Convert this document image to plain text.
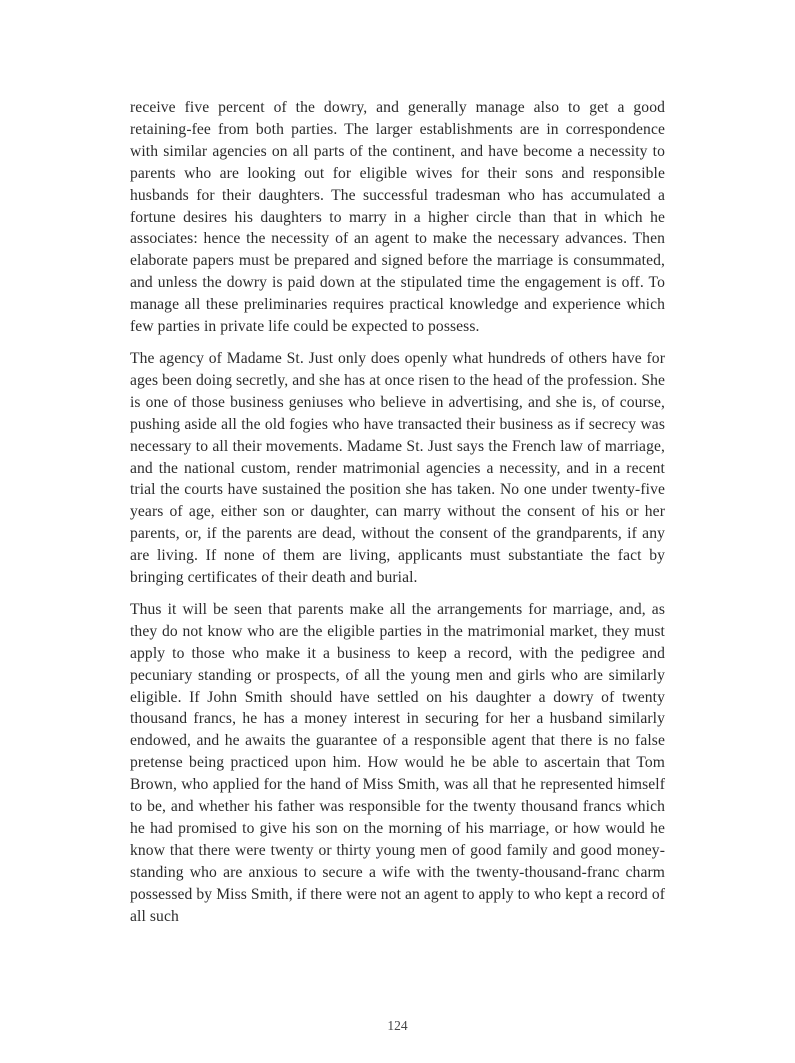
receive five percent of the dowry, and generally manage also to get a good retaining-fee from both parties. The larger establishments are in correspondence with similar agencies on all parts of the continent, and have become a necessity to parents who are looking out for eligible wives for their sons and responsible husbands for their daughters. The successful tradesman who has accumulated a fortune desires his daughters to marry in a higher circle than that in which he associates: hence the necessity of an agent to make the necessary advances. Then elaborate papers must be prepared and signed before the marriage is consummated, and unless the dowry is paid down at the stipulated time the engagement is off. To manage all these preliminaries requires practical knowledge and experience which few parties in private life could be expected to possess.

The agency of Madame St. Just only does openly what hundreds of others have for ages been doing secretly, and she has at once risen to the head of the profession. She is one of those business geniuses who believe in advertising, and she is, of course, pushing aside all the old fogies who have transacted their business as if secrecy was necessary to all their movements. Madame St. Just says the French law of marriage, and the national custom, render matrimonial agencies a necessity, and in a recent trial the courts have sustained the position she has taken. No one under twenty-five years of age, either son or daughter, can marry without the consent of his or her parents, or, if the parents are dead, without the consent of the grandparents, if any are living. If none of them are living, applicants must substantiate the fact by bringing certificates of their death and burial.

Thus it will be seen that parents make all the arrangements for marriage, and, as they do not know who are the eligible parties in the matrimonial market, they must apply to those who make it a business to keep a record, with the pedigree and pecuniary standing or prospects, of all the young men and girls who are similarly eligible. If John Smith should have settled on his daughter a dowry of twenty thousand francs, he has a money interest in securing for her a husband similarly endowed, and he awaits the guarantee of a responsible agent that there is no false pretense being practiced upon him. How would he be able to ascertain that Tom Brown, who applied for the hand of Miss Smith, was all that he represented himself to be, and whether his father was responsible for the twenty thousand francs which he had promised to give his son on the morning of his marriage, or how would he know that there were twenty or thirty young men of good family and good money-standing who are anxious to secure a wife with the twenty-thousand-franc charm possessed by Miss Smith, if there were not an agent to apply to who kept a record of all such

124
